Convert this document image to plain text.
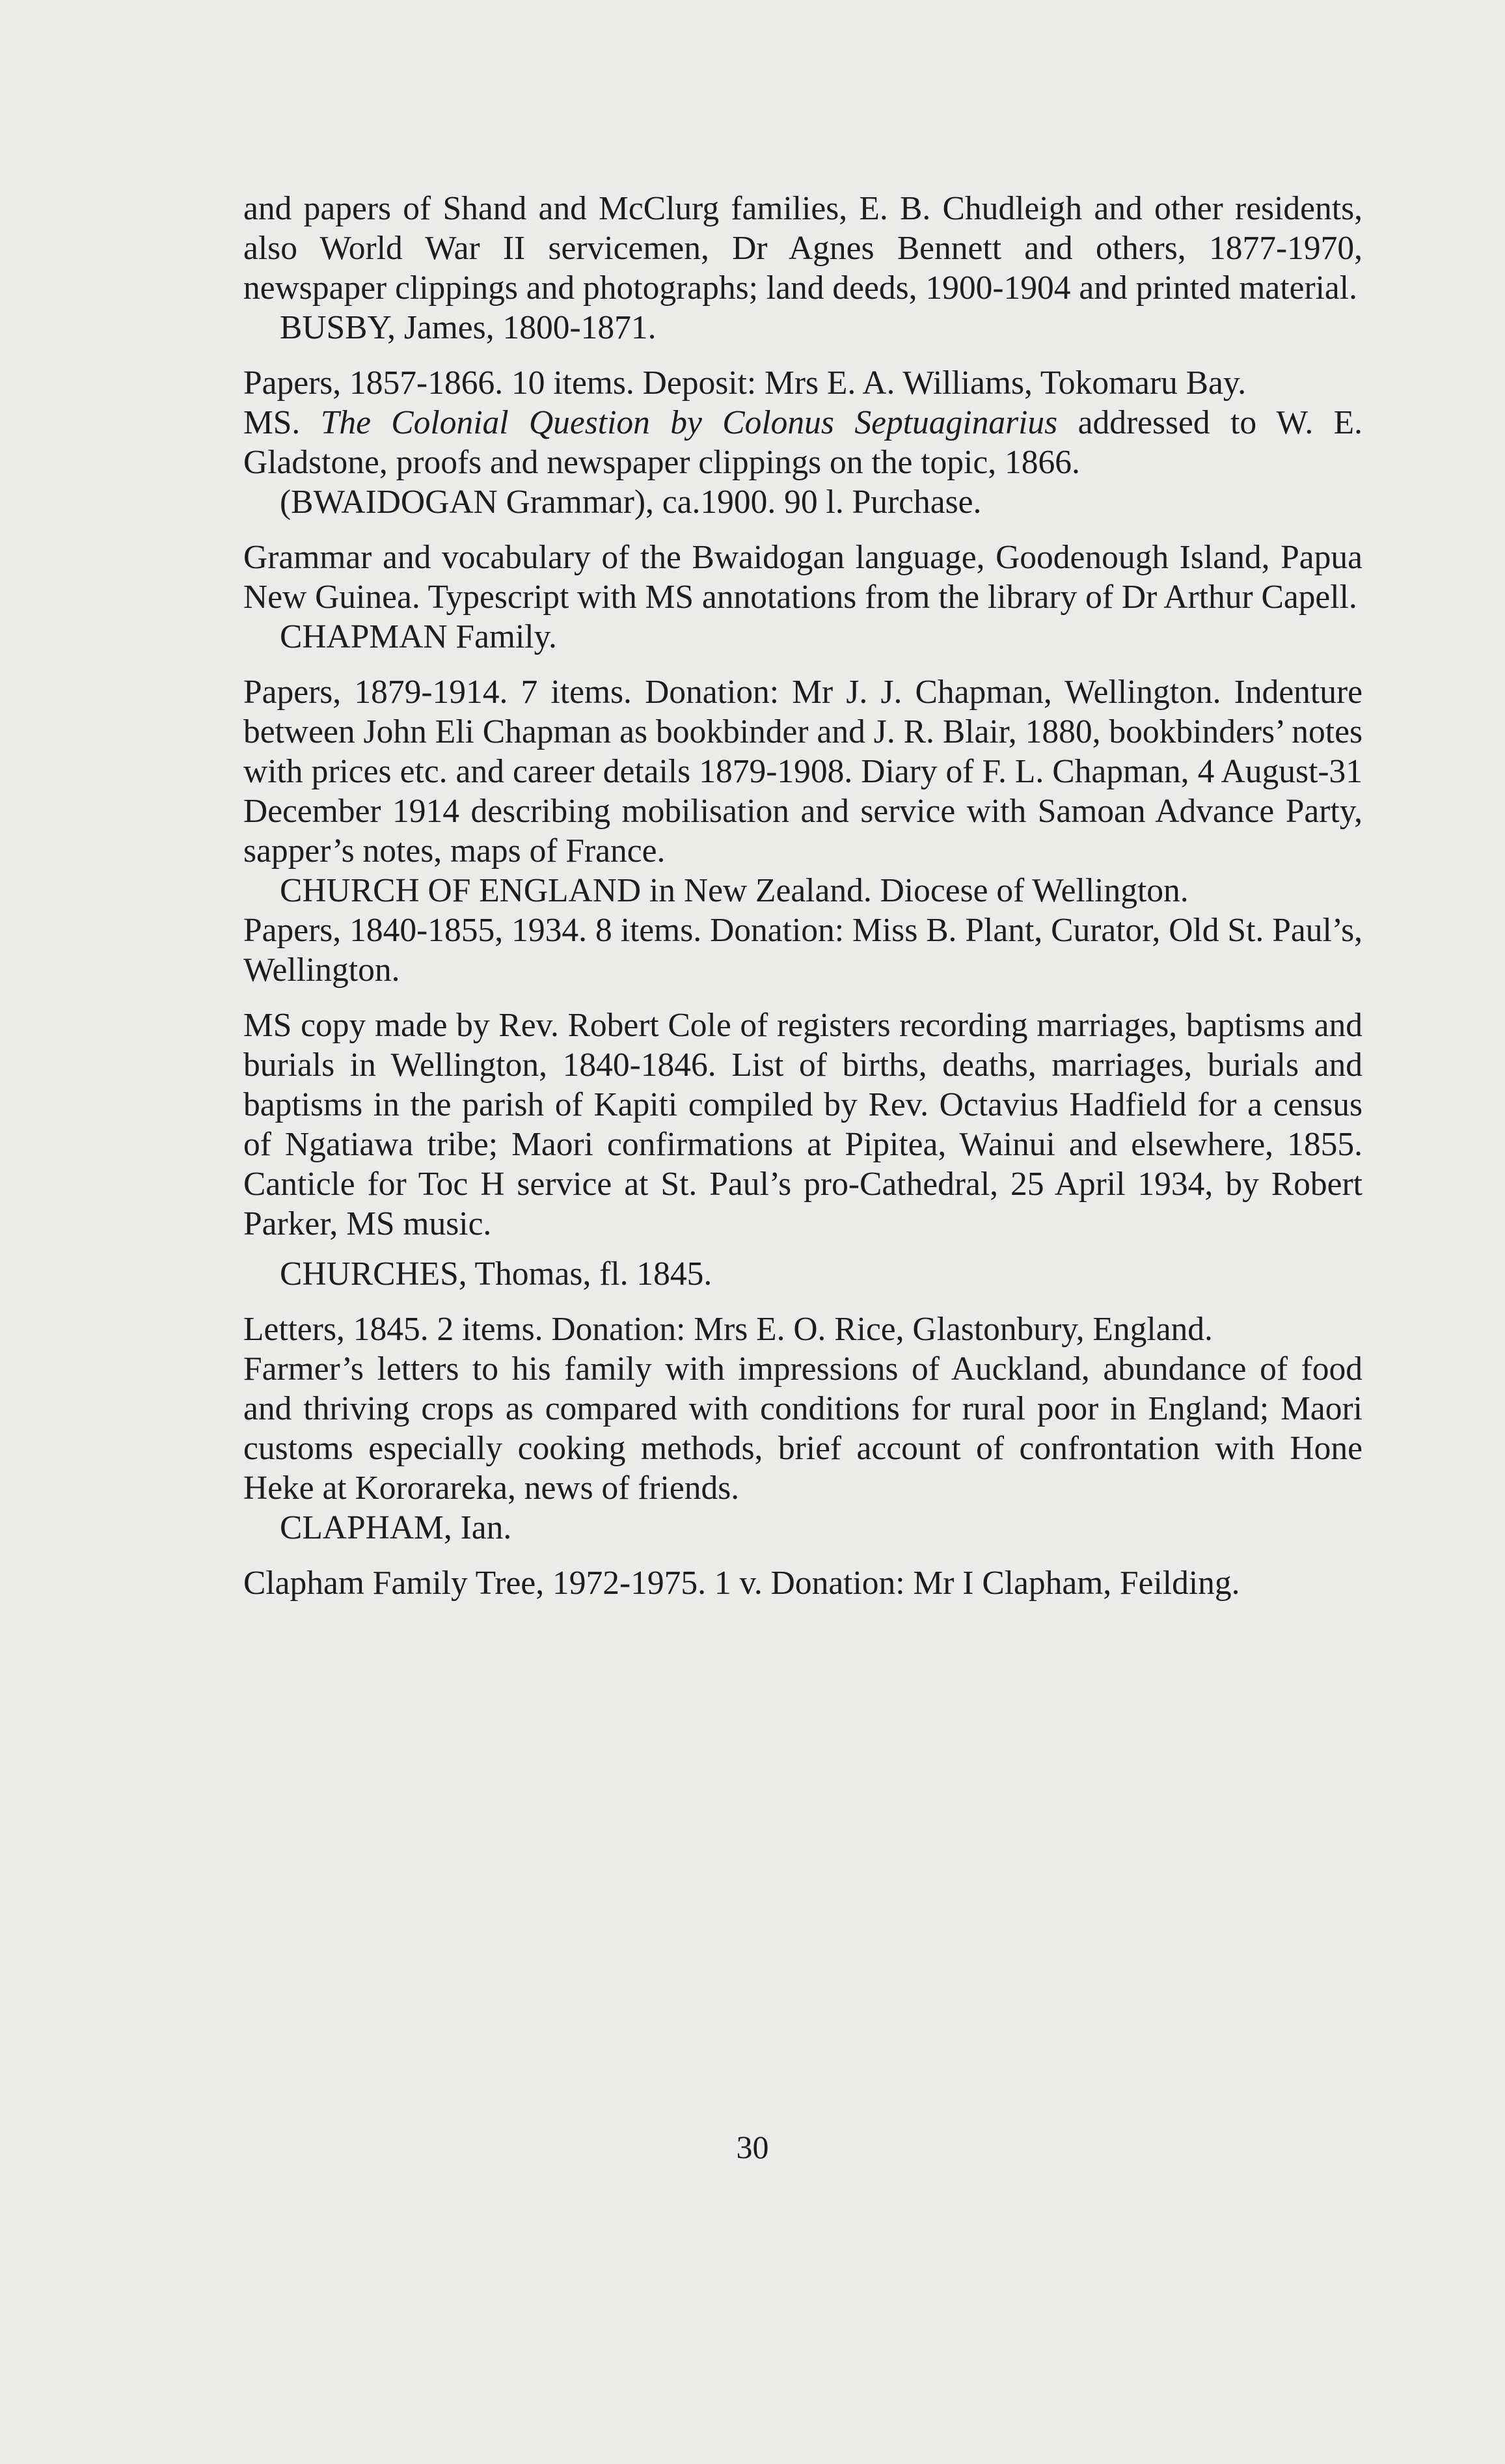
and papers of Shand and McClurg families, E. B. Chudleigh and other residents, also World War II servicemen, Dr Agnes Bennett and others, 1877-1970, newspaper clippings and photographs; land deeds, 1900-1904 and printed material.

BUSBY, James, 1800-1871.

Papers, 1857-1866. 10 items. Deposit: Mrs E. A. Williams, Tokomaru Bay.

MS. The Colonial Question by Colonus Septuaginarius addressed to W. E. Gladstone, proofs and newspaper clippings on the topic, 1866.

(BWAIDOGAN Grammar), ca.1900. 90 l. Purchase.

Grammar and vocabulary of the Bwaidogan language, Goodenough Island, Papua New Guinea. Typescript with MS annotations from the library of Dr Arthur Capell.

CHAPMAN Family.

Papers, 1879-1914. 7 items. Donation: Mr J. J. Chapman, Wellington. Indenture between John Eli Chapman as bookbinder and J. R. Blair, 1880, bookbinders’ notes with prices etc. and career details 1879-1908. Diary of F. L. Chapman, 4 August-31 December 1914 describing mobilisation and service with Samoan Advance Party, sapper’s notes, maps of France.

CHURCH OF ENGLAND in New Zealand. Diocese of Wellington.

Papers, 1840-1855, 1934. 8 items. Donation: Miss B. Plant, Curator, Old St. Paul’s, Wellington.

MS copy made by Rev. Robert Cole of registers recording marriages, baptisms and burials in Wellington, 1840-1846. List of births, deaths, marriages, burials and baptisms in the parish of Kapiti compiled by Rev. Octavius Hadfield for a census of Ngatiawa tribe; Maori confirmations at Pipitea, Wainui and elsewhere, 1855. Canticle for Toc H service at St. Paul’s pro-Cathedral, 25 April 1934, by Robert Parker, MS music.

CHURCHES, Thomas, fl. 1845.

Letters, 1845. 2 items. Donation: Mrs E. O. Rice, Glastonbury, England.

Farmer’s letters to his family with impressions of Auckland, abundance of food and thriving crops as compared with conditions for rural poor in England; Maori customs especially cooking methods, brief account of confrontation with Hone Heke at Kororareka, news of friends.

CLAPHAM, Ian.

Clapham Family Tree, 1972-1975. 1 v. Donation: Mr I Clapham, Feilding.

30
